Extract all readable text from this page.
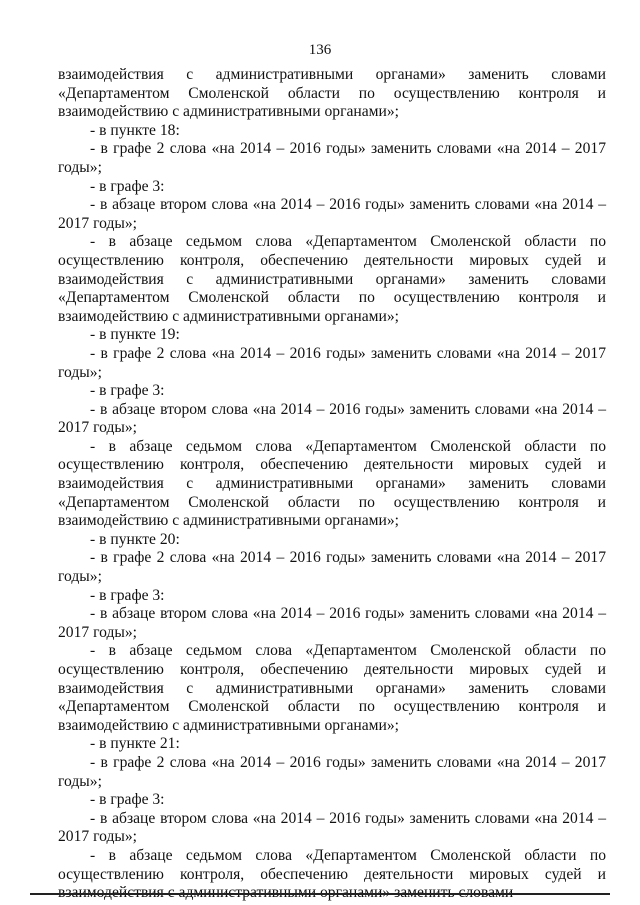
136

взаимодействия с административными органами» заменить словами «Департаментом Смоленской области по осуществлению контроля и взаимодействию с административными органами»;

- в пункте 18:

- в графе 2 слова «на 2014 – 2016 годы» заменить словами «на 2014 – 2017 годы»;

- в графе 3:

- в абзаце втором слова «на 2014 – 2016 годы» заменить словами «на 2014 – 2017 годы»;

- в абзаце седьмом слова «Департаментом Смоленской области по осуществлению контроля, обеспечению деятельности мировых судей и взаимодействия с административными органами» заменить словами «Департаментом Смоленской области по осуществлению контроля и взаимодействию с административными органами»;

- в пункте 19:

- в графе 2 слова «на 2014 – 2016 годы» заменить словами «на 2014 – 2017 годы»;

- в графе 3:

- в абзаце втором слова «на 2014 – 2016 годы» заменить словами «на 2014 – 2017 годы»;

- в абзаце седьмом слова «Департаментом Смоленской области по осуществлению контроля, обеспечению деятельности мировых судей и взаимодействия с административными органами» заменить словами «Департаментом Смоленской области по осуществлению контроля и взаимодействию с административными органами»;

- в пункте 20:

- в графе 2 слова «на 2014 – 2016 годы» заменить словами «на 2014 – 2017 годы»;

- в графе 3:

- в абзаце втором слова «на 2014 – 2016 годы» заменить словами «на 2014 – 2017 годы»;

- в абзаце седьмом слова «Департаментом Смоленской области по осуществлению контроля, обеспечению деятельности мировых судей и взаимодействия с административными органами» заменить словами «Департаментом Смоленской области по осуществлению контроля и взаимодействию с административными органами»;

- в пункте 21:

- в графе 2 слова «на 2014 – 2016 годы» заменить словами «на 2014 – 2017 годы»;

- в графе 3:

- в абзаце втором слова «на 2014 – 2016 годы» заменить словами «на 2014 – 2017 годы»;

- в абзаце седьмом слова «Департаментом Смоленской области по осуществлению контроля, обеспечению деятельности мировых судей и
